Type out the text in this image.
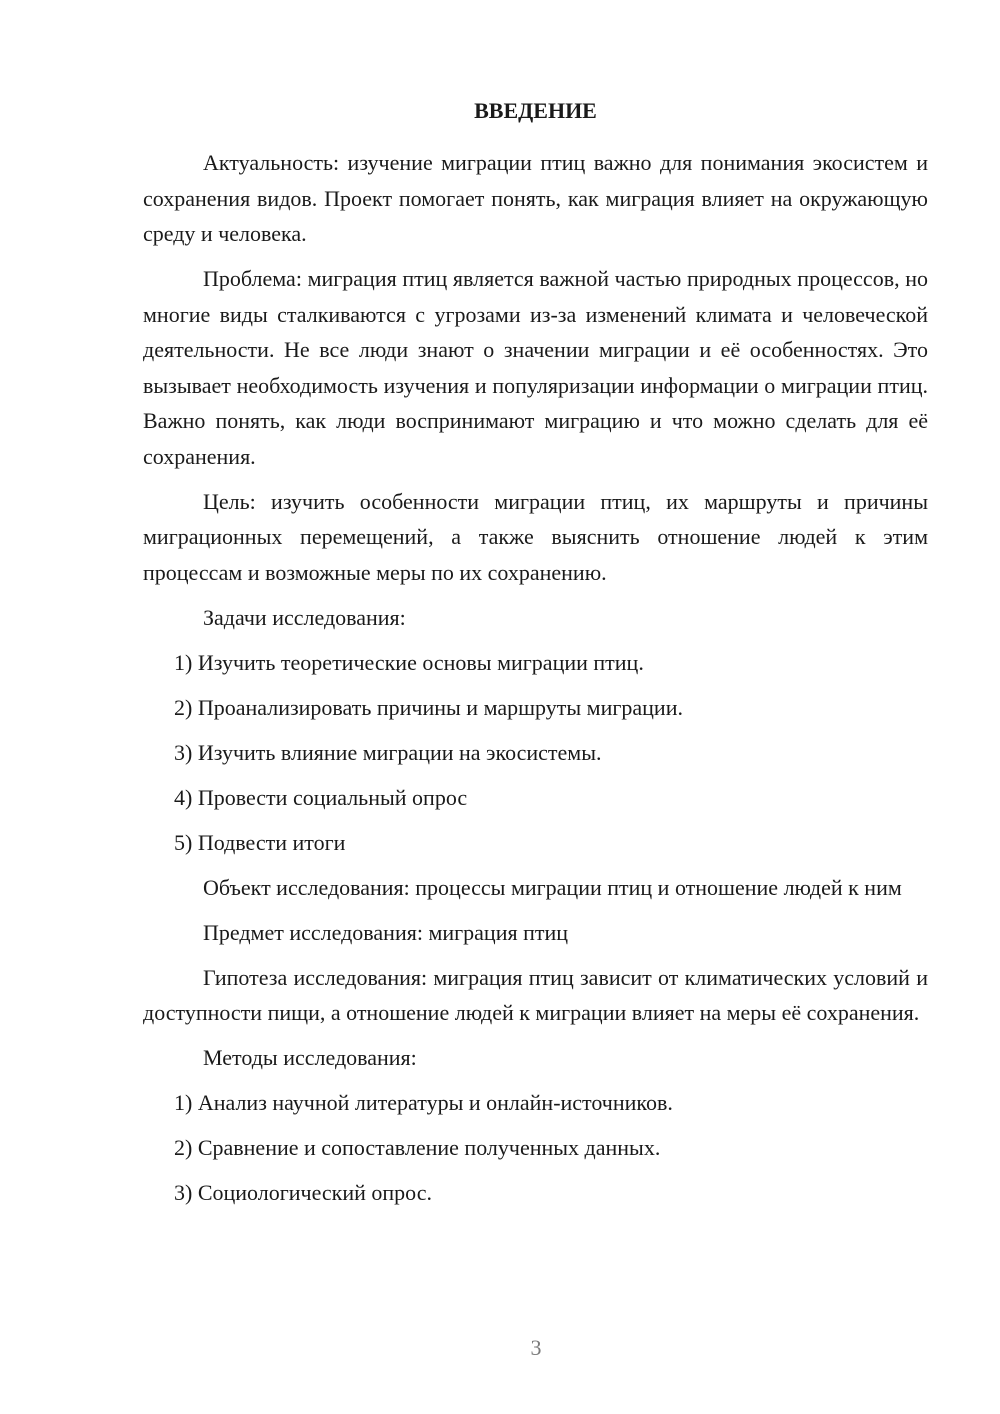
ВВЕДЕНИЕ

Актуальность: изучение миграции птиц важно для понимания экосистем и сохранения видов. Проект помогает понять, как миграция влияет на окружающую среду и человека.

Проблема: миграция птиц является важной частью природных процессов, но многие виды сталкиваются с угрозами из-за изменений климата и человеческой деятельности. Не все люди знают о значении миграции и её особенностях. Это вызывает необходимость изучения и популяризации информации о миграции птиц. Важно понять, как люди воспринимают миграцию и что можно сделать для её сохранения.

Цель: изучить особенности миграции птиц, их маршруты и причины миграционных перемещений, а также выяснить отношение людей к этим процессам и возможные меры по их сохранению.

Задачи исследования:

1) Изучить теоретические основы миграции птиц.

2) Проанализировать причины и маршруты миграции.

3) Изучить влияние миграции на экосистемы.

4) Провести социальный опрос

5) Подвести итоги

Объект исследования: процессы миграции птиц и отношение людей к ним

Предмет исследования: миграция птиц

Гипотеза исследования: миграция птиц зависит от климатических условий и доступности пищи, а отношение людей к миграции влияет на меры её сохранения.

Методы исследования:

1) Анализ научной литературы и онлайн-источников.

2) Сравнение и сопоставление полученных данных.

3) Социологический опрос.

3
